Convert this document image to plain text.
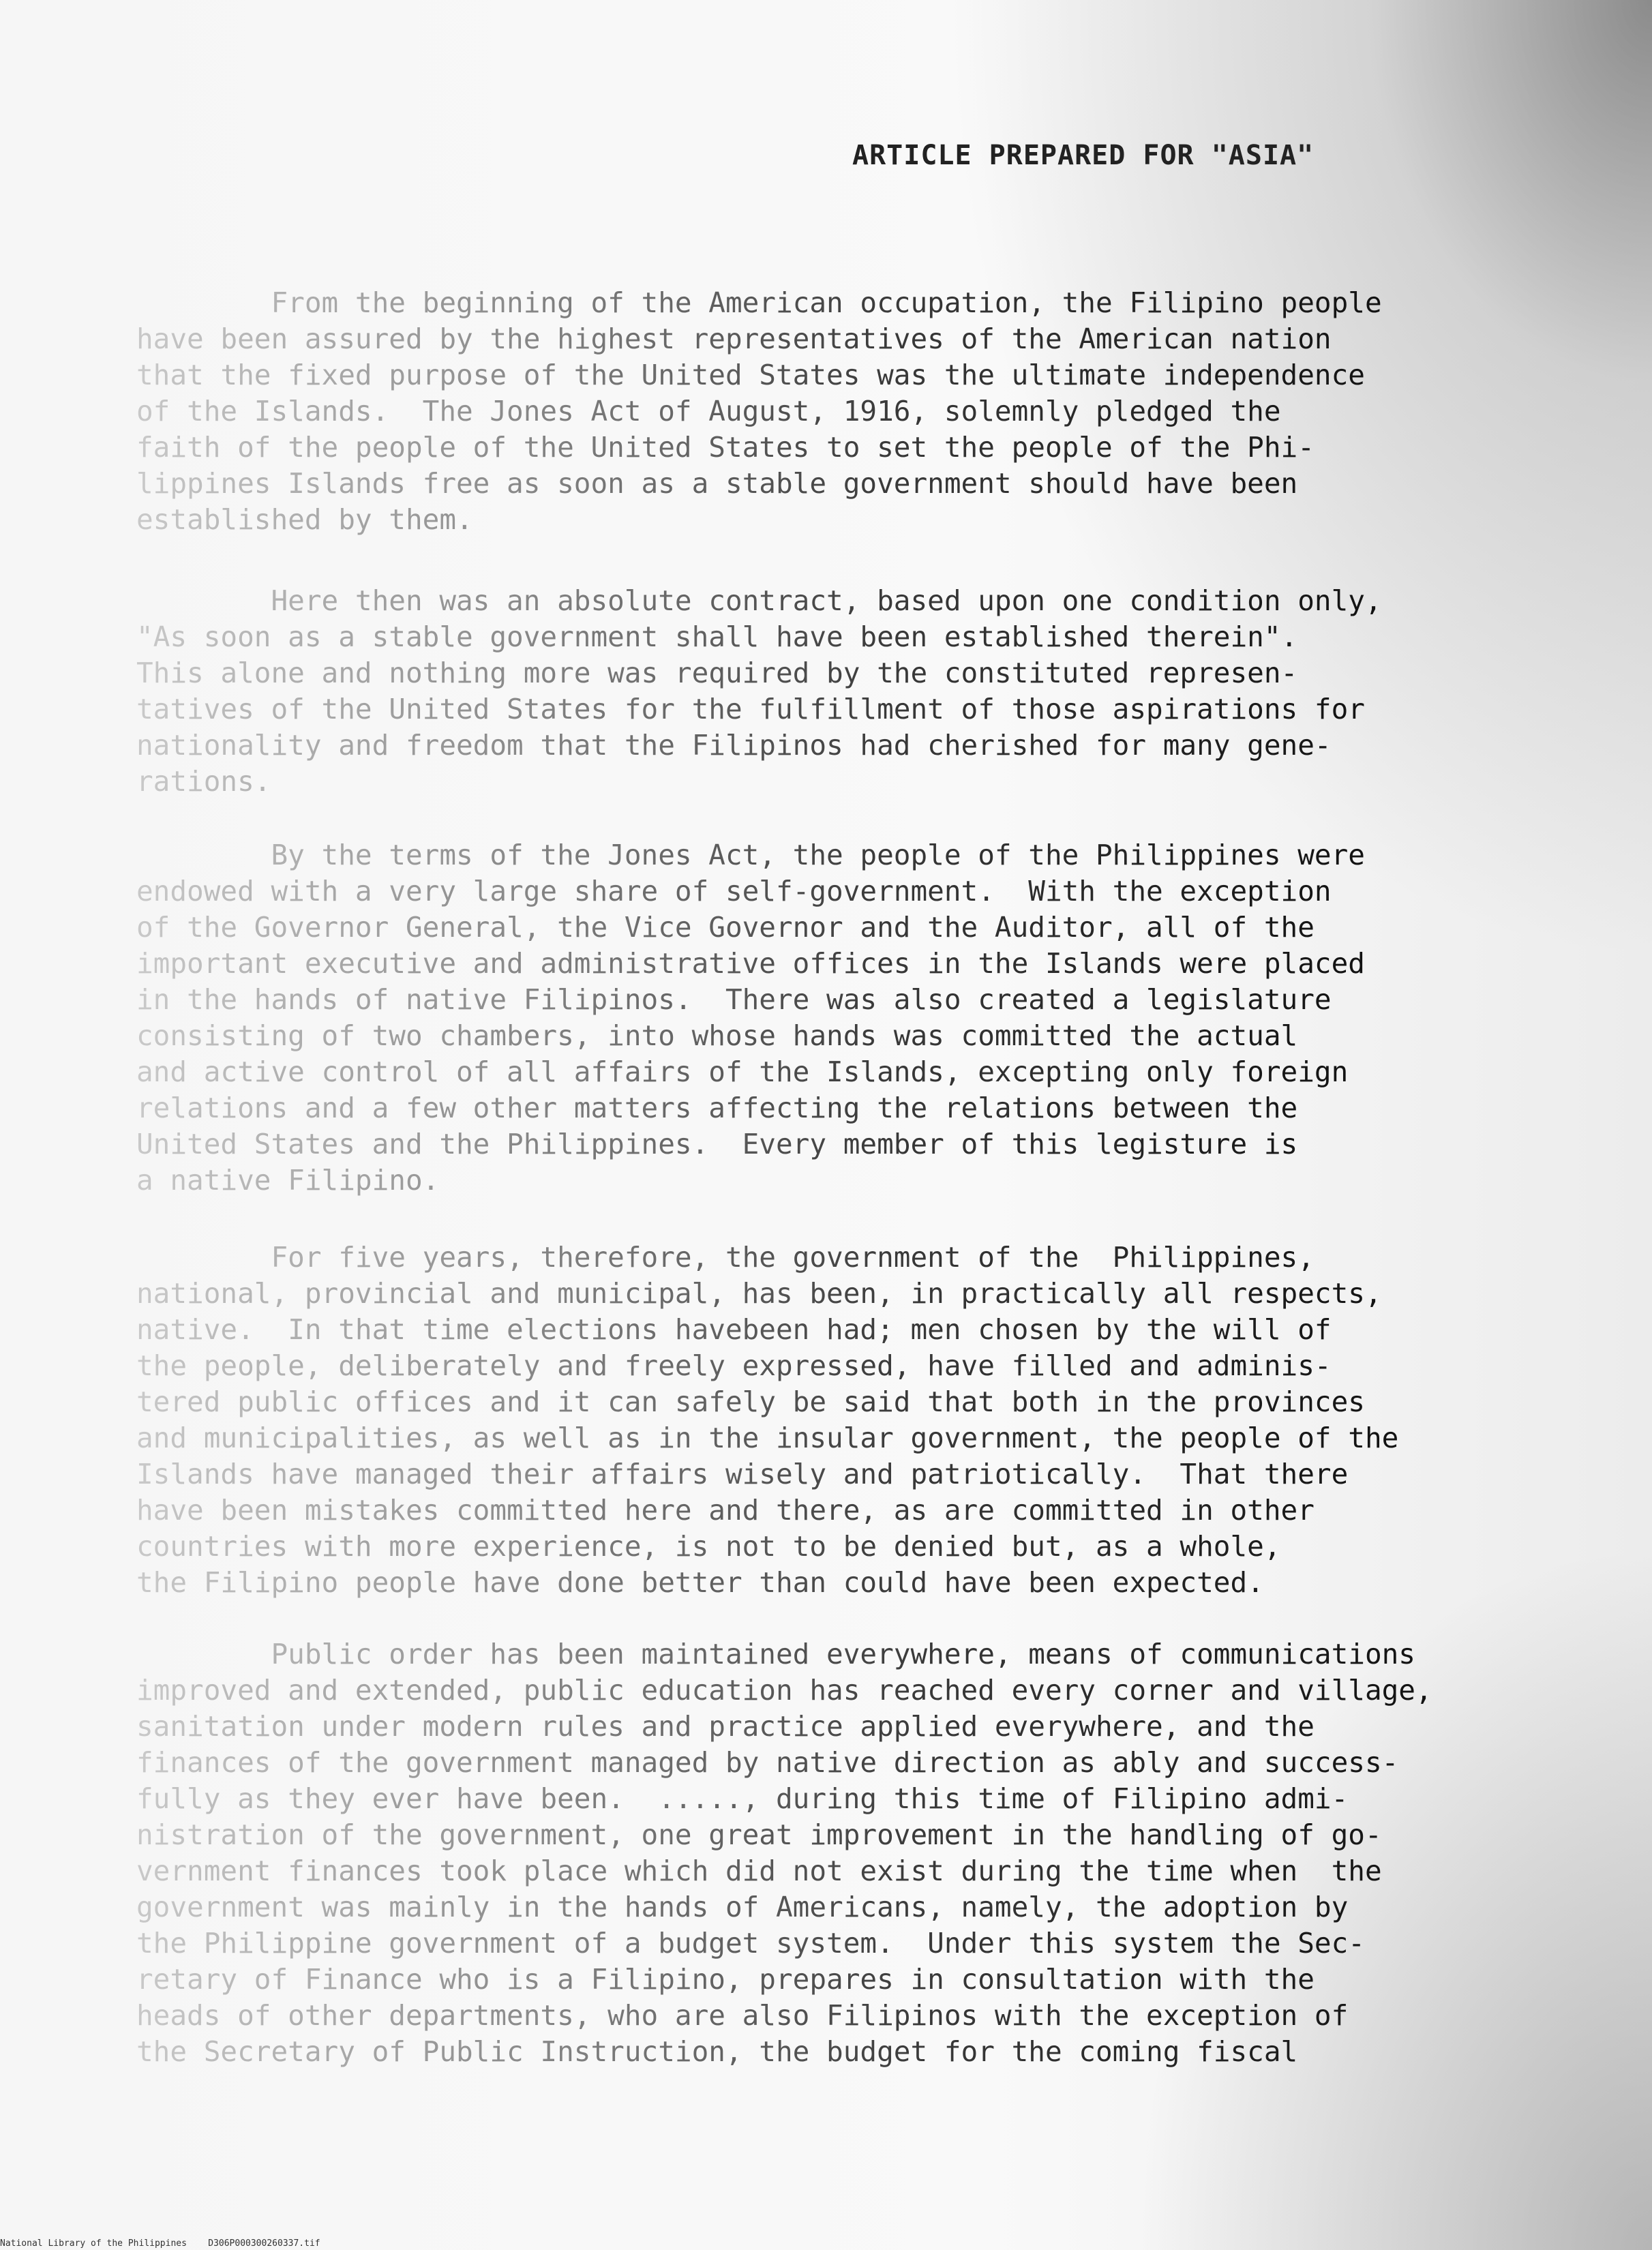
ARTICLE PREPARED FOR "ASIA"
From the beginning of the American occupation, the Filipino people
have been assured by the highest representatives of the American nation
that the fixed purpose of the United States was the ultimate independence
of the Islands.  The Jones Act of August, 1916, solemnly pledged the
faith of the people of the United States to set the people of the Phi-
lippines Islands free as soon as a stable government should have been
established by them.
Here then was an absolute contract, based upon one condition only,
"As soon as a stable government shall have been established therein".
This alone and nothing more was required by the constituted represen-
tatives of the United States for the fulfillment of those aspirations for
nationality and freedom that the Filipinos had cherished for many gene-
rations.
By the terms of the Jones Act, the people of the Philippines were
endowed with a very large share of self-government.  With the exception
of the Governor General, the Vice Governor and the Auditor, all of the
important executive and administrative offices in the Islands were placed
in the hands of native Filipinos.  There was also created a legislature
consisting of two chambers, into whose hands was committed the actual
and active control of all affairs of the Islands, excepting only foreign
relations and a few other matters affecting the relations between the
United States and the Philippines.  Every member of this legisture is
a native Filipino.
For five years, therefore, the government of the  Philippines,
national, provincial and municipal, has been, in practically all respects,
native.  In that time elections havebeen had; men chosen by the will of
the people, deliberately and freely expressed, have filled and adminis-
tered public offices and it can safely be said that both in the provinces
and municipalities, as well as in the insular government, the people of the
Islands have managed their affairs wisely and patriotically.  That there
have been mistakes committed here and there, as are committed in other
countries with more experience, is not to be denied but, as a whole,
the Filipino people have done better than could have been expected.
Public order has been maintained everywhere, means of communications
improved and extended, public education has reached every corner and village,
sanitation under modern rules and practice applied everywhere, and the
finances of the government managed by native direction as ably and success-
fully as they ever have been.  ....., during this time of Filipino admi-
nistration of the government, one great improvement in the handling of go-
vernment finances took place which did not exist during the time when  the
government was mainly in the hands of Americans, namely, the adoption by
the Philippine government of a budget system.  Under this system the Sec-
retary of Finance who is a Filipino, prepares in consultation with the
heads of other departments, who are also Filipinos with the exception of
the Secretary of Public Instruction, the budget for the coming fiscal
National Library of the Philippines    D306P000300260337.tif
